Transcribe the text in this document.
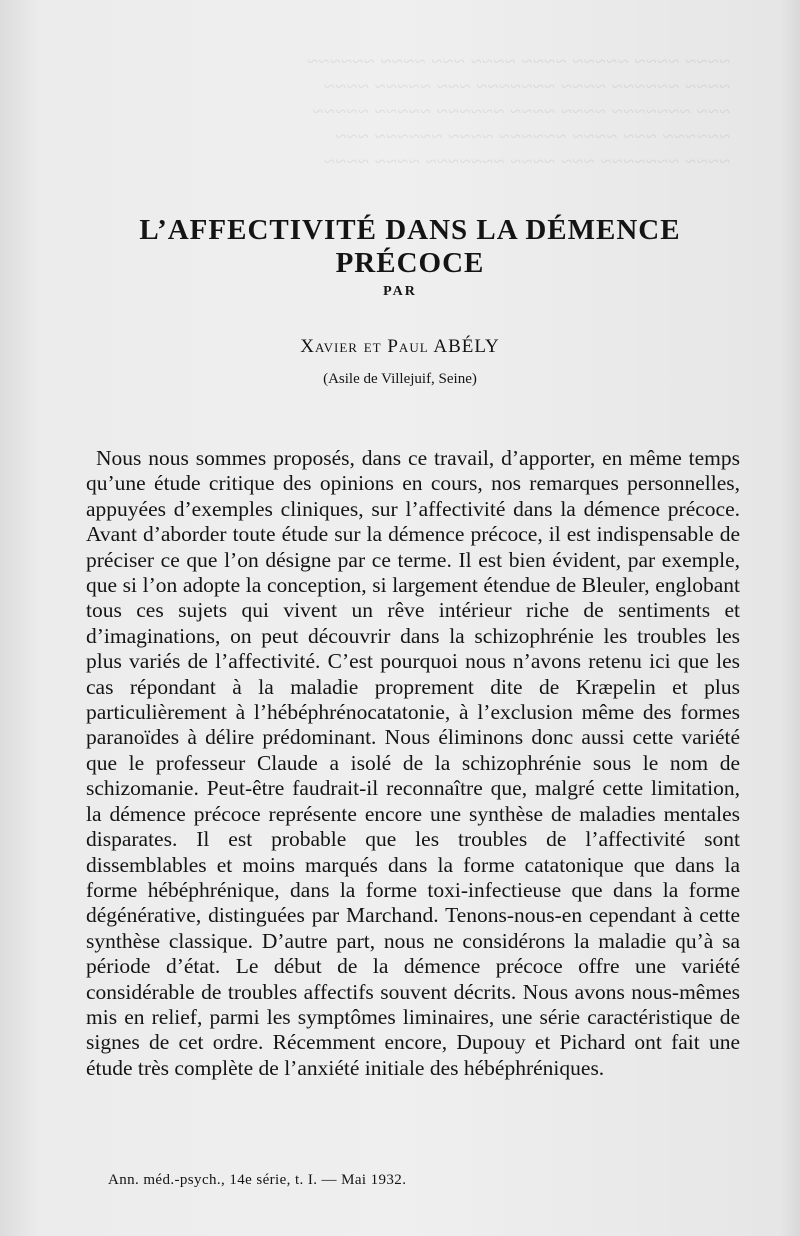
~~~~ ~~~~ ~~~~~ ~~~~ ~~~~ ~~~ ~~~~ ~~~~~~
~~~~ ~~~~~~ ~~~~ ~~~~~~~ ~~~ ~~~~~ ~~~~
~~~ ~~~~~~~ ~~~~ ~~~~ ~~~~~~ ~~~~~ ~~~~~
~~~~~~ ~~~ ~~~~ ~~~~~~ ~~~~ ~~~~~~ ~~~
~~~~ ~~~~~~~ ~~~ ~~~~ ~~~~~~~ ~~~~ ~~~~
L’AFFECTIVITÉ DANS LA DÉMENCE PRÉCOCE
PAR
Xavier et Paul ABÉLY
(Asile de Villejuif, Seine)

Nous nous sommes proposés, dans ce travail, d’apporter, en même temps qu’une étude critique des opinions en cours, nos remarques personnelles, appuyées d’exemples cliniques, sur l’affectivité dans la démence précoce. Avant d’aborder toute étude sur la démence précoce, il est indispensable de préciser ce que l’on désigne par ce terme. Il est bien évident, par exemple, que si l’on adopte la conception, si largement étendue de Bleuler, englobant tous ces sujets qui vivent un rêve intérieur riche de sentiments et d’imaginations, on peut découvrir dans la schizophrénie les troubles les plus variés de l’affectivité. C’est pourquoi nous n’avons retenu ici que les cas répondant à la maladie proprement dite de Kræpelin et plus particulièrement à l’hébéphrénocatatonie, à l’exclusion même des formes paranoïdes à délire prédominant. Nous éliminons donc aussi cette variété que le professeur Claude a isolé de la schizophrénie sous le nom de schizomanie. Peut-être faudrait-il reconnaître que, malgré cette limitation, la démence précoce représente encore une synthèse de maladies mentales disparates. Il est probable que les troubles de l’affectivité sont dissemblables et moins marqués dans la forme catatonique que dans la forme hébéphrénique, dans la forme toxi-infectieuse que dans la forme dégénérative, distinguées par Marchand. Tenons-nous-en cependant à cette synthèse classique. D’autre part, nous ne considérons la maladie qu’à sa période d’état. Le début de la démence précoce offre une variété considérable de troubles affectifs souvent décrits. Nous avons nous-mêmes mis en relief, parmi les symptômes liminaires, une série caractéristique de signes de cet ordre. Récemment encore, Dupouy et Pichard ont fait une étude très complète de l’anxiété initiale des hébéphréniques.

Ann. méd.-psych., 14e série, t. I. — Mai 1932.
